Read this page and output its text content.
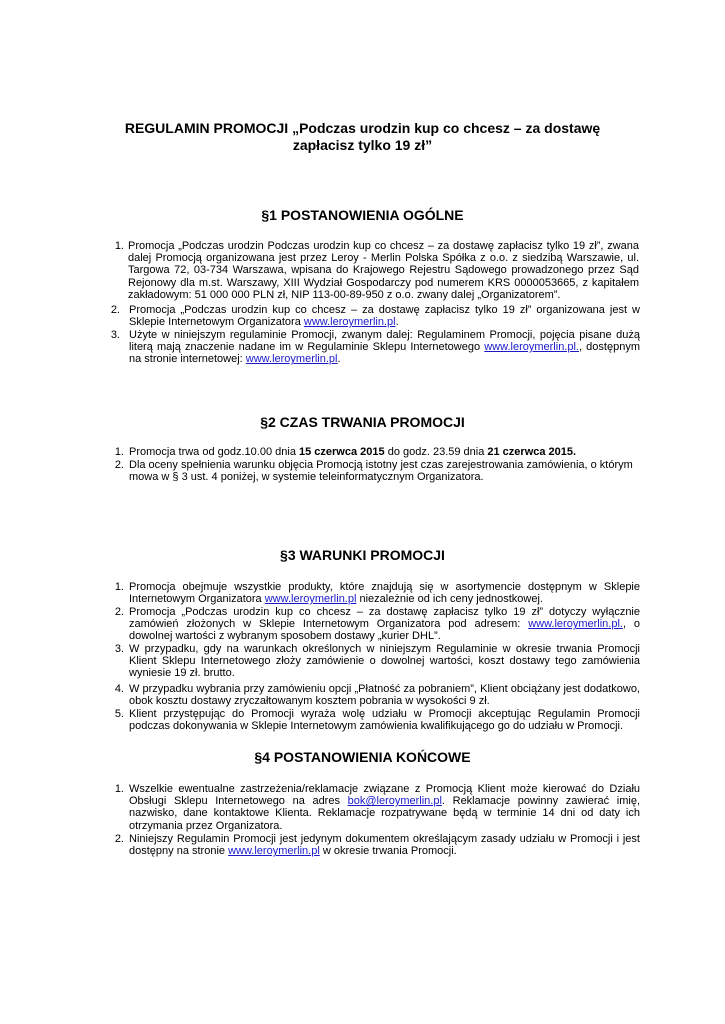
REGULAMIN PROMOCJI „Podczas urodzin kup co chcesz – za dostawę
zapłacisz tylko 19 zł”
§1 POSTANOWIENIA OGÓLNE
1. Promocja „Podczas urodzin Podczas urodzin kup co chcesz – za dostawę zapłacisz tylko 19 zł”, zwana dalej Promocją organizowana jest przez Leroy - Merlin Polska Spółka z o.o. z siedzibą Warszawie, ul. Targowa 72, 03-734 Warszawa, wpisana do Krajowego Rejestru Sądowego prowadzonego przez Sąd Rejonowy dla m.st. Warszawy, XIII Wydział Gospodarczy pod numerem KRS 0000053665, z kapitałem zakładowym: 51 000 000 PLN zł, NIP 113-00-89-950 z o.o. zwany dalej „Organizatorem”.
2. Promocja „Podczas urodzin kup co chcesz – za dostawę zapłacisz tylko 19 zł” organizowana jest w Sklepie Internetowym Organizatora www.leroymerlin.pl.
3. Użyte w niniejszym regulaminie Promocji, zwanym dalej: Regulaminem Promocji, pojęcia pisane dużą literą mają znaczenie nadane im w Regulaminie Sklepu Internetowego www.leroymerlin.pl., dostępnym na stronie internetowej: www.leroymerlin.pl.
§2 CZAS TRWANIA PROMOCJI
1. Promocja trwa od godz.10.00 dnia 15 czerwca 2015 do godz. 23.59 dnia 21 czerwca 2015.
2. Dla oceny spełnienia warunku objęcia Promocją istotny jest czas zarejestrowania zamówienia, o którym mowa w § 3 ust. 4 poniżej, w systemie teleinformatycznym Organizatora.
§3 WARUNKI PROMOCJI
1. Promocja obejmuje wszystkie produkty, które znajdują się w asortymencie dostępnym w Sklepie Internetowym Organizatora www.leroymerlin.pl niezależnie od ich ceny jednostkowej.
2. Promocja „Podczas urodzin kup co chcesz – za dostawę zapłacisz tylko 19 zł” dotyczy wyłącznie zamówień złożonych w Sklepie Internetowym Organizatora pod adresem: www.leroymerlin.pl., o dowolnej wartości z wybranym sposobem dostawy „kurier DHL”.
3. W przypadku, gdy na warunkach określonych w niniejszym Regulaminie w okresie trwania Promocji Klient Sklepu Internetowego złoży zamówienie o dowolnej wartości, koszt dostawy tego zamówienia wyniesie 19 zł. brutto.
4. W przypadku wybrania przy zamówieniu opcji „Płatność za pobraniem”, Klient obciążany jest dodatkowo, obok kosztu dostawy zryczałtowanym kosztem pobrania w wysokości 9 zł.
5. Klient przystępując do Promocji wyraża wolę udziału w Promocji akceptując Regulamin Promocji podczas dokonywania w Sklepie Internetowym zamówienia kwalifikującego go do udziału w Promocji.
§4 POSTANOWIENIA KOŃCOWE
1. Wszelkie ewentualne zastrzeżenia/reklamacje związane z Promocją Klient może kierować do Działu Obsługi Sklepu Internetowego na adres bok@leroymerlin.pl. Reklamacje powinny zawierać imię, nazwisko, dane kontaktowe Klienta. Reklamacje rozpatrywane będą w terminie 14 dni od daty ich otrzymania przez Organizatora.
2. Niniejszy Regulamin Promocji jest jedynym dokumentem określającym zasady udziału w Promocji i jest dostępny na stronie www.leroymerlin.pl w okresie trwania Promocji.
